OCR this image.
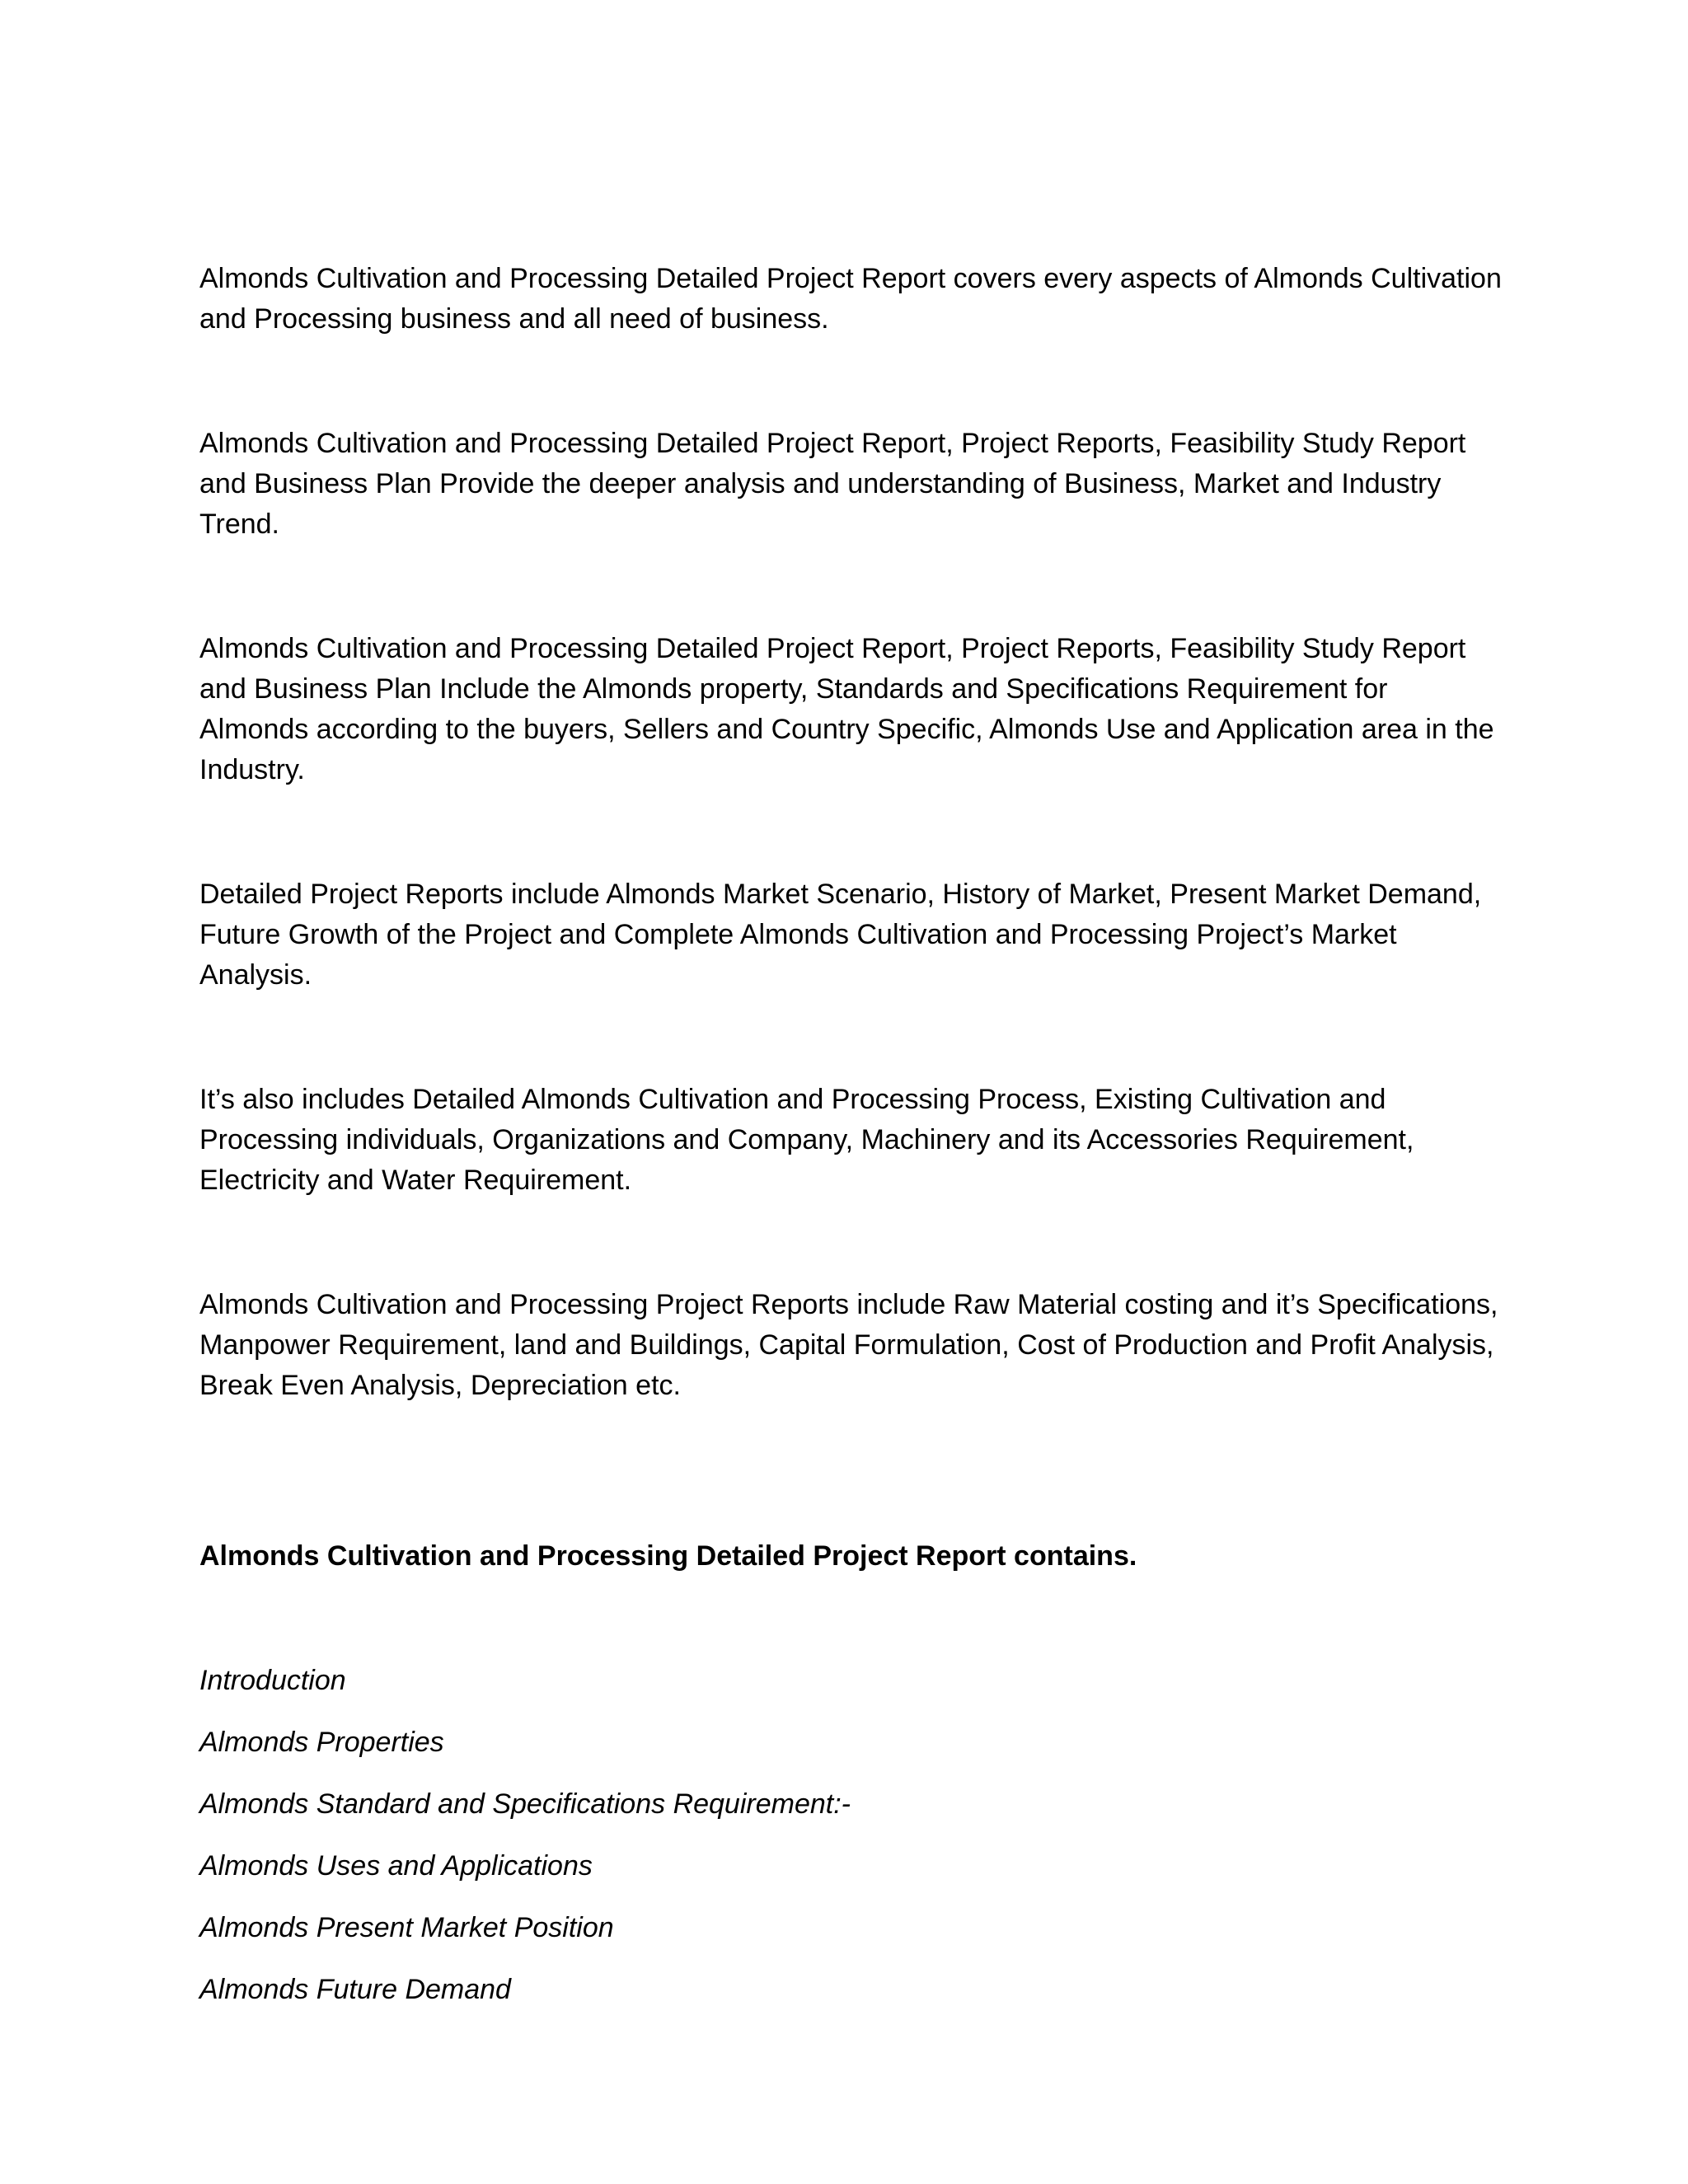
Almonds Cultivation and Processing Detailed Project Report covers every aspects of Almonds Cultivation and Processing business and all need of business.

Almonds Cultivation and Processing Detailed Project Report, Project Reports, Feasibility Study Report and Business Plan Provide the deeper analysis and understanding of Business, Market and Industry Trend.

Almonds Cultivation and Processing Detailed Project Report, Project Reports, Feasibility Study Report and Business Plan Include the Almonds property, Standards and Specifications Requirement for Almonds according to the buyers, Sellers and Country Specific, Almonds Use and Application area in the Industry.

Detailed Project Reports include Almonds Market Scenario, History of Market, Present Market Demand, Future Growth of the Project and Complete Almonds Cultivation and Processing Project’s Market Analysis.

It’s also includes Detailed Almonds Cultivation and Processing Process, Existing Cultivation and Processing individuals, Organizations and Company, Machinery and its Accessories Requirement, Electricity and Water Requirement.

Almonds Cultivation and Processing Project Reports include Raw Material costing and it’s Specifications, Manpower Requirement, land and Buildings, Capital Formulation, Cost of Production and Profit Analysis, Break Even Analysis, Depreciation etc.

Almonds Cultivation and Processing Detailed Project Report contains.

Introduction
Almonds Properties
Almonds Standard and Specifications Requirement:-
Almonds Uses and Applications
Almonds Present Market Position
Almonds Future Demand
